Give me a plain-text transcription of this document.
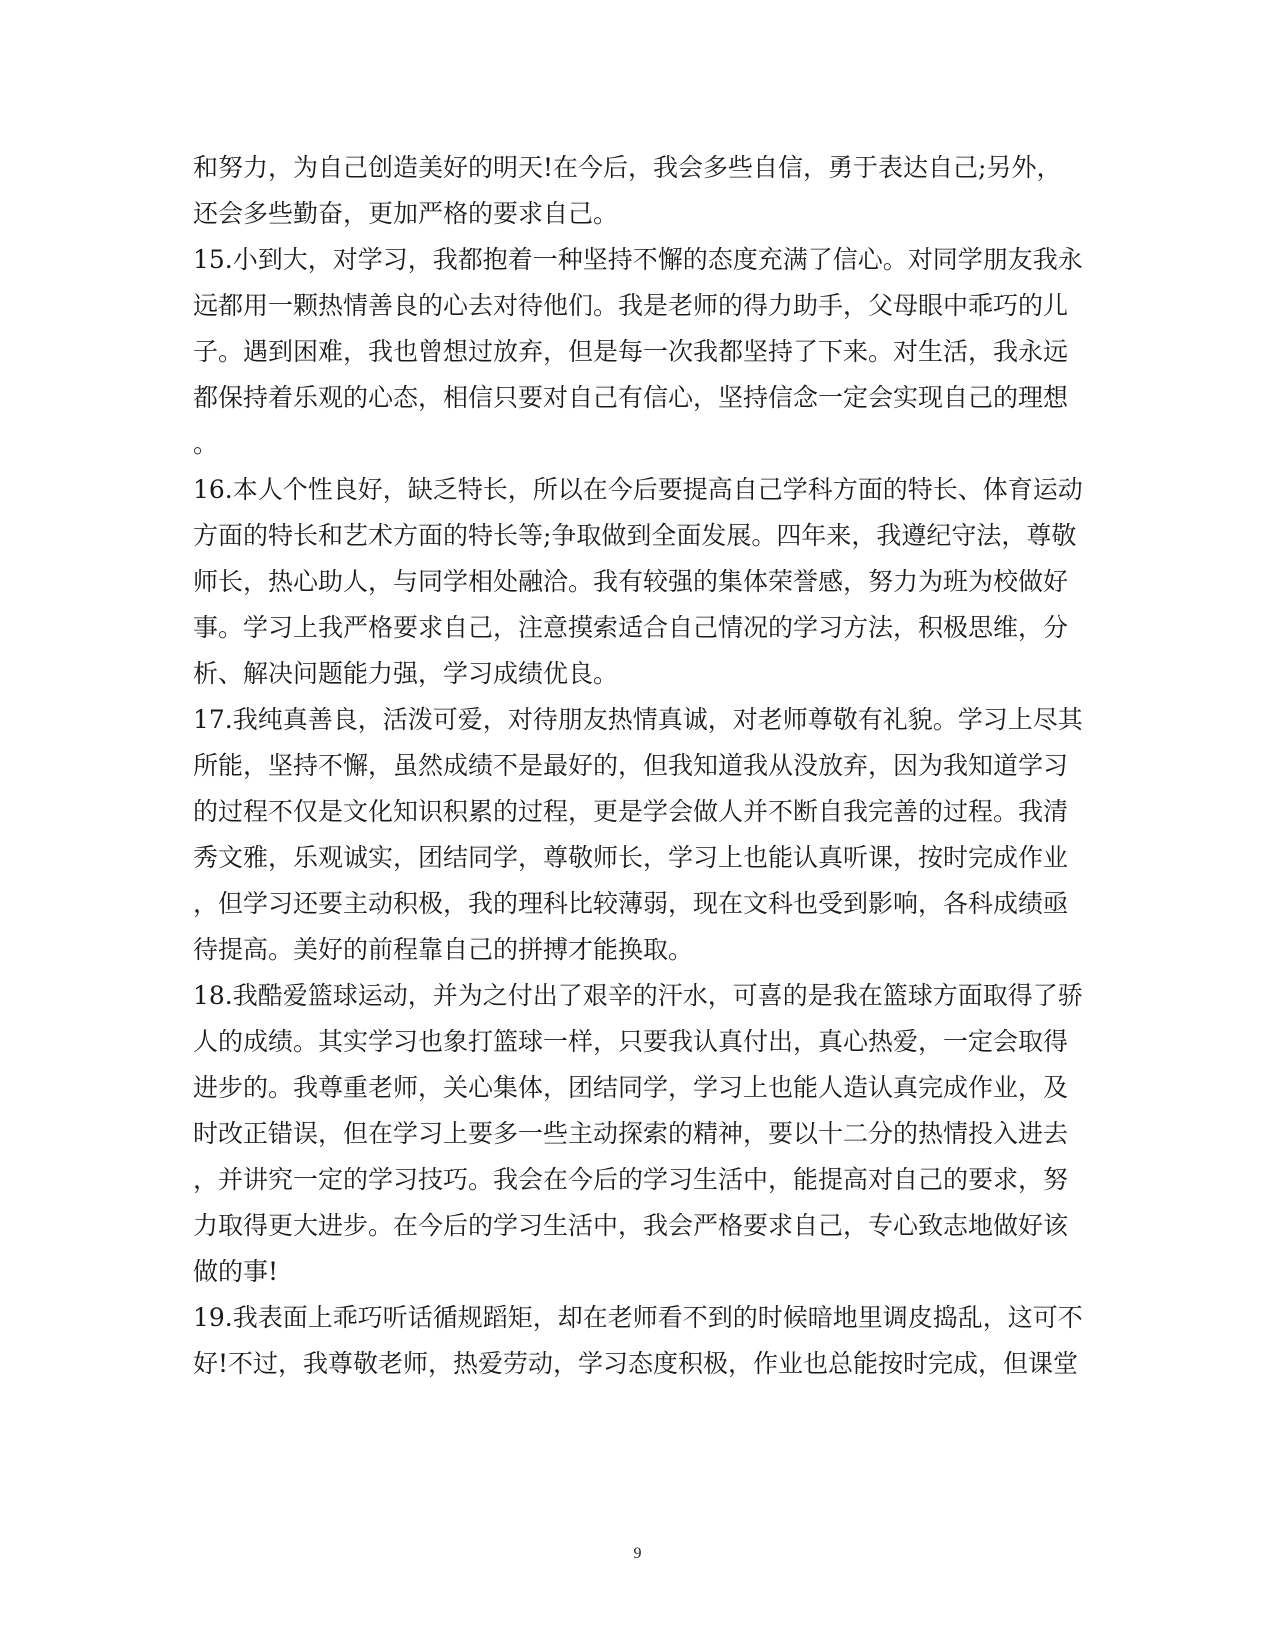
和努力，为自己创造美好的明天!在今后，我会多些自信，勇于表达自己;另外，
还会多些勤奋，更加严格的要求自己。
15.小到大，对学习，我都抱着一种坚持不懈的态度充满了信心。对同学朋友我永
远都用一颗热情善良的心去对待他们。我是老师的得力助手，父母眼中乖巧的儿
子。遇到困难，我也曾想过放弃，但是每一次我都坚持了下来。对生活，我永远
都保持着乐观的心态，相信只要对自己有信心，坚持信念一定会实现自己的理想
。
16.本人个性良好，缺乏特长，所以在今后要提高自己学科方面的特长、体育运动
方面的特长和艺术方面的特长等;争取做到全面发展。四年来，我遵纪守法，尊敬
师长，热心助人，与同学相处融洽。我有较强的集体荣誉感，努力为班为校做好
事。学习上我严格要求自己，注意摸索适合自己情况的学习方法，积极思维，分
析、解决问题能力强，学习成绩优良。
17.我纯真善良，活泼可爱，对待朋友热情真诚，对老师尊敬有礼貌。学习上尽其
所能，坚持不懈，虽然成绩不是最好的，但我知道我从没放弃，因为我知道学习
的过程不仅是文化知识积累的过程，更是学会做人并不断自我完善的过程。我清
秀文雅，乐观诚实，团结同学，尊敬师长，学习上也能认真听课，按时完成作业
，但学习还要主动积极，我的理科比较薄弱，现在文科也受到影响，各科成绩亟
待提高。美好的前程靠自己的拼搏才能换取。
18.我酷爱篮球运动，并为之付出了艰辛的汗水，可喜的是我在篮球方面取得了骄
人的成绩。其实学习也象打篮球一样，只要我认真付出，真心热爱，一定会取得
进步的。我尊重老师，关心集体，团结同学，学习上也能人造认真完成作业，及
时改正错误，但在学习上要多一些主动探索的精神，要以十二分的热情投入进去
，并讲究一定的学习技巧。我会在今后的学习生活中，能提高对自己的要求，努
力取得更大进步。在今后的学习生活中，我会严格要求自己，专心致志地做好该
做的事!
19.我表面上乖巧听话循规蹈矩，却在老师看不到的时候暗地里调皮捣乱，这可不
好!不过，我尊敬老师，热爱劳动，学习态度积极，作业也总能按时完成，但课堂
9
